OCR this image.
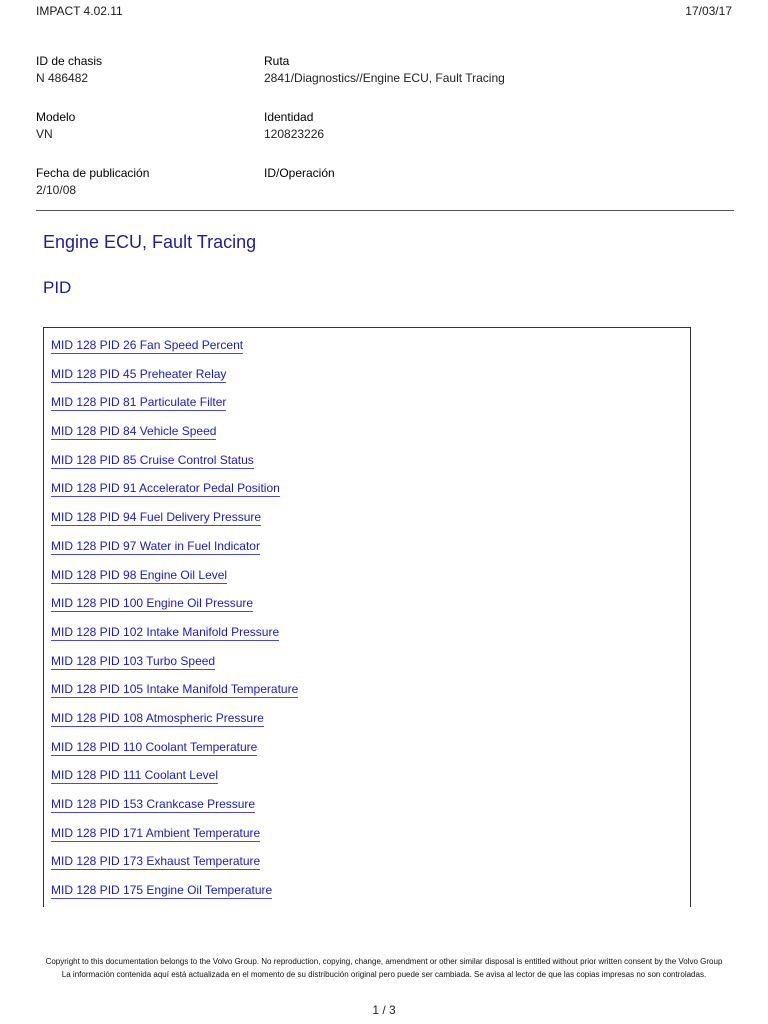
IMPACT 4.02.11	17/03/17
ID de chasis
N 486482
Ruta
2841/Diagnostics//Engine ECU, Fault Tracing
Modelo
VN
Identidad
120823226
Fecha de publicación
2/10/08
ID/Operación
Engine ECU, Fault Tracing
PID
MID 128 PID 26 Fan Speed Percent
MID 128 PID 45 Preheater Relay
MID 128 PID 81 Particulate Filter
MID 128 PID 84 Vehicle Speed
MID 128 PID 85 Cruise Control Status
MID 128 PID 91 Accelerator Pedal Position
MID 128 PID 94 Fuel Delivery Pressure
MID 128 PID 97 Water in Fuel Indicator
MID 128 PID 98 Engine Oil Level
MID 128 PID 100 Engine Oil Pressure
MID 128 PID 102 Intake Manifold Pressure
MID 128 PID 103 Turbo Speed
MID 128 PID 105 Intake Manifold Temperature
MID 128 PID 108 Atmospheric Pressure
MID 128 PID 110 Coolant Temperature
MID 128 PID 111 Coolant Level
MID 128 PID 153 Crankcase Pressure
MID 128 PID 171 Ambient Temperature
MID 128 PID 173 Exhaust Temperature
MID 128 PID 175 Engine Oil Temperature

Copyright to this documentation belongs to the Volvo Group. No reproduction, copying, change, amendment or other similar disposal is entitled without prior written consent by the Volvo Group

La información contenida aquí está actualizada en el momento de su distribución original pero puede ser cambiada. Se avisa al lector de que las copias impresas no son controladas.

1 / 3
